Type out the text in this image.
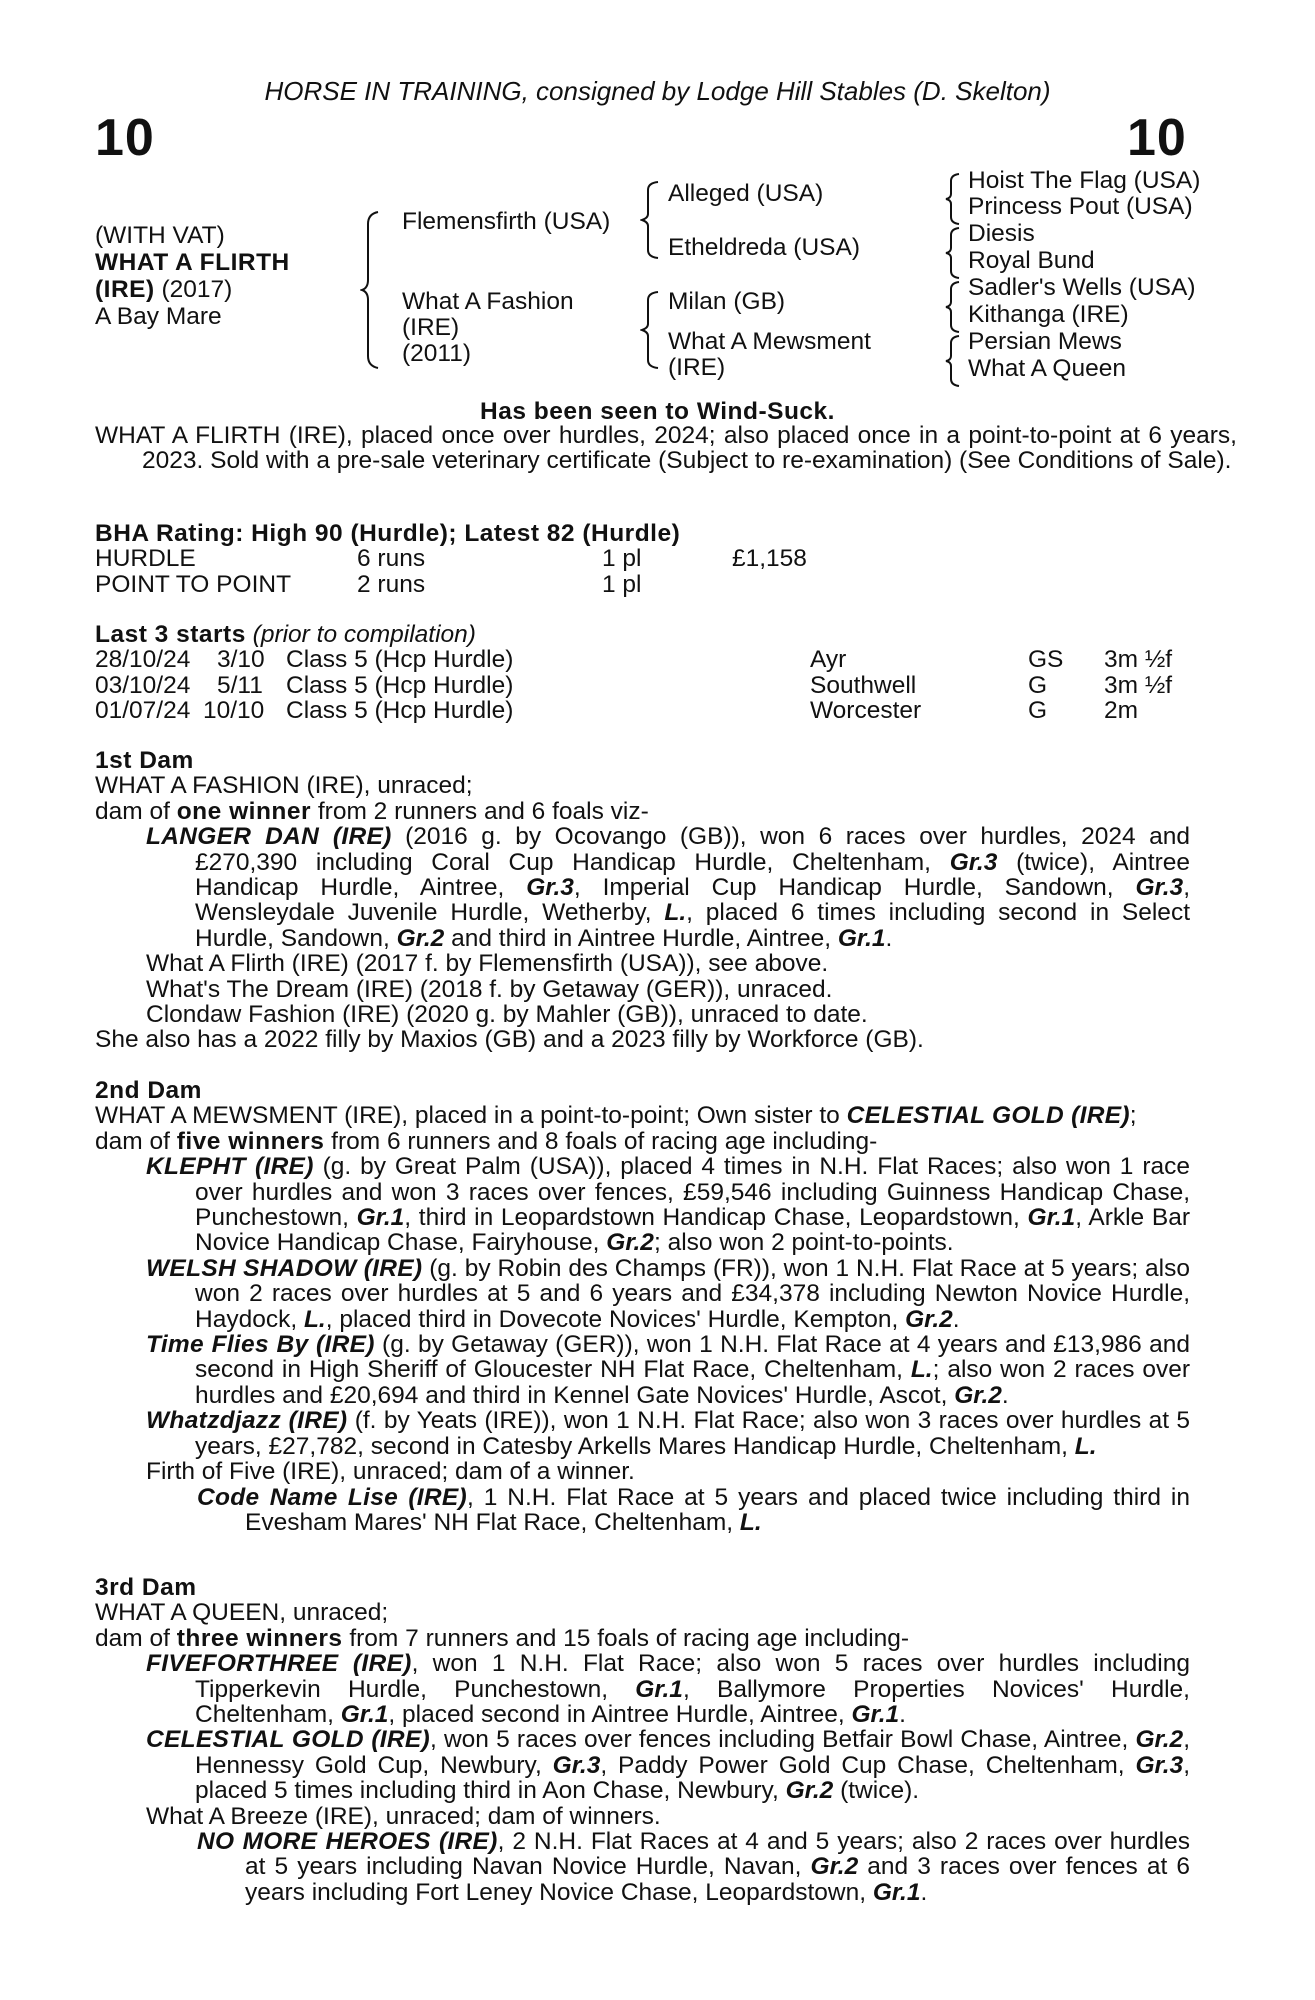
HORSE IN TRAINING, consigned by Lodge Hill Stables (D. Skelton)
10	10
(WITH VAT)
WHAT A FLIRTH
(IRE) (2017)
A Bay Mare
Flemensfirth (USA)
What A Fashion
(IRE)
(2011)
Alleged (USA)
Etheldreda (USA)
Milan (GB)
What A Mewsment
(IRE)
Hoist The Flag (USA)
Princess Pout (USA)
Diesis
Royal Bund
Sadler's Wells (USA)
Kithanga (IRE)
Persian Mews
What A Queen
Has been seen to Wind-Suck.
WHAT A FLIRTH (IRE), placed once over hurdles, 2024; also placed once in a point-to-point at 6 years, 2023. Sold with a pre-sale veterinary certificate (Subject to re-examination) (See Conditions of Sale).
BHA Rating: High 90 (Hurdle); Latest 82 (Hurdle)
HURDLE	6 runs	1 pl	£1,158
POINT TO POINT	2 runs	1 pl
Last 3 starts (prior to compilation)
28/10/24 3/10 Class 5 (Hcp Hurdle)	Ayr	GS 3m ½f
03/10/24 5/11 Class 5 (Hcp Hurdle)	Southwell	G 3m ½f
01/07/24 10/10 Class 5 (Hcp Hurdle)	Worcester	G 2m
1st Dam
WHAT A FASHION (IRE), unraced;
dam of one winner from 2 runners and 6 foals viz-
LANGER DAN (IRE) (2016 g. by Ocovango (GB)), won 6 races over hurdles, 2024 and £270,390 including Coral Cup Handicap Hurdle, Cheltenham, Gr.3 (twice), Aintree Handicap Hurdle, Aintree, Gr.3, Imperial Cup Handicap Hurdle, Sandown, Gr.3, Wensleydale Juvenile Hurdle, Wetherby, L., placed 6 times including second in Select Hurdle, Sandown, Gr.2 and third in Aintree Hurdle, Aintree, Gr.1.
What A Flirth (IRE) (2017 f. by Flemensfirth (USA)), see above.
What's The Dream (IRE) (2018 f. by Getaway (GER)), unraced.
Clondaw Fashion (IRE) (2020 g. by Mahler (GB)), unraced to date.
She also has a 2022 filly by Maxios (GB) and a 2023 filly by Workforce (GB).
2nd Dam
WHAT A MEWSMENT (IRE), placed in a point-to-point; Own sister to CELESTIAL GOLD (IRE);
dam of five winners from 6 runners and 8 foals of racing age including-
KLEPHT (IRE) (g. by Great Palm (USA)), placed 4 times in N.H. Flat Races; also won 1 race over hurdles and won 3 races over fences, £59,546 including Guinness Handicap Chase, Punchestown, Gr.1, third in Leopardstown Handicap Chase, Leopardstown, Gr.1, Arkle Bar Novice Handicap Chase, Fairyhouse, Gr.2; also won 2 point-to-points.
WELSH SHADOW (IRE) (g. by Robin des Champs (FR)), won 1 N.H. Flat Race at 5 years; also won 2 races over hurdles at 5 and 6 years and £34,378 including Newton Novice Hurdle, Haydock, L., placed third in Dovecote Novices' Hurdle, Kempton, Gr.2.
Time Flies By (IRE) (g. by Getaway (GER)), won 1 N.H. Flat Race at 4 years and £13,986 and second in High Sheriff of Gloucester NH Flat Race, Cheltenham, L.; also won 2 races over hurdles and £20,694 and third in Kennel Gate Novices' Hurdle, Ascot, Gr.2.
Whatzdjazz (IRE) (f. by Yeats (IRE)), won 1 N.H. Flat Race; also won 3 races over hurdles at 5 years, £27,782, second in Catesby Arkells Mares Handicap Hurdle, Cheltenham, L.
Firth of Five (IRE), unraced; dam of a winner.
Code Name Lise (IRE), 1 N.H. Flat Race at 5 years and placed twice including third in Evesham Mares' NH Flat Race, Cheltenham, L.
3rd Dam
WHAT A QUEEN, unraced;
dam of three winners from 7 runners and 15 foals of racing age including-
FIVEFORTHREE (IRE), won 1 N.H. Flat Race; also won 5 races over hurdles including Tipperkevin Hurdle, Punchestown, Gr.1, Ballymore Properties Novices' Hurdle, Cheltenham, Gr.1, placed second in Aintree Hurdle, Aintree, Gr.1.
CELESTIAL GOLD (IRE), won 5 races over fences including Betfair Bowl Chase, Aintree, Gr.2, Hennessy Gold Cup, Newbury, Gr.3, Paddy Power Gold Cup Chase, Cheltenham, Gr.3, placed 5 times including third in Aon Chase, Newbury, Gr.2 (twice).
What A Breeze (IRE), unraced; dam of winners.
NO MORE HEROES (IRE), 2 N.H. Flat Races at 4 and 5 years; also 2 races over hurdles at 5 years including Navan Novice Hurdle, Navan, Gr.2 and 3 races over fences at 6 years including Fort Leney Novice Chase, Leopardstown, Gr.1.
